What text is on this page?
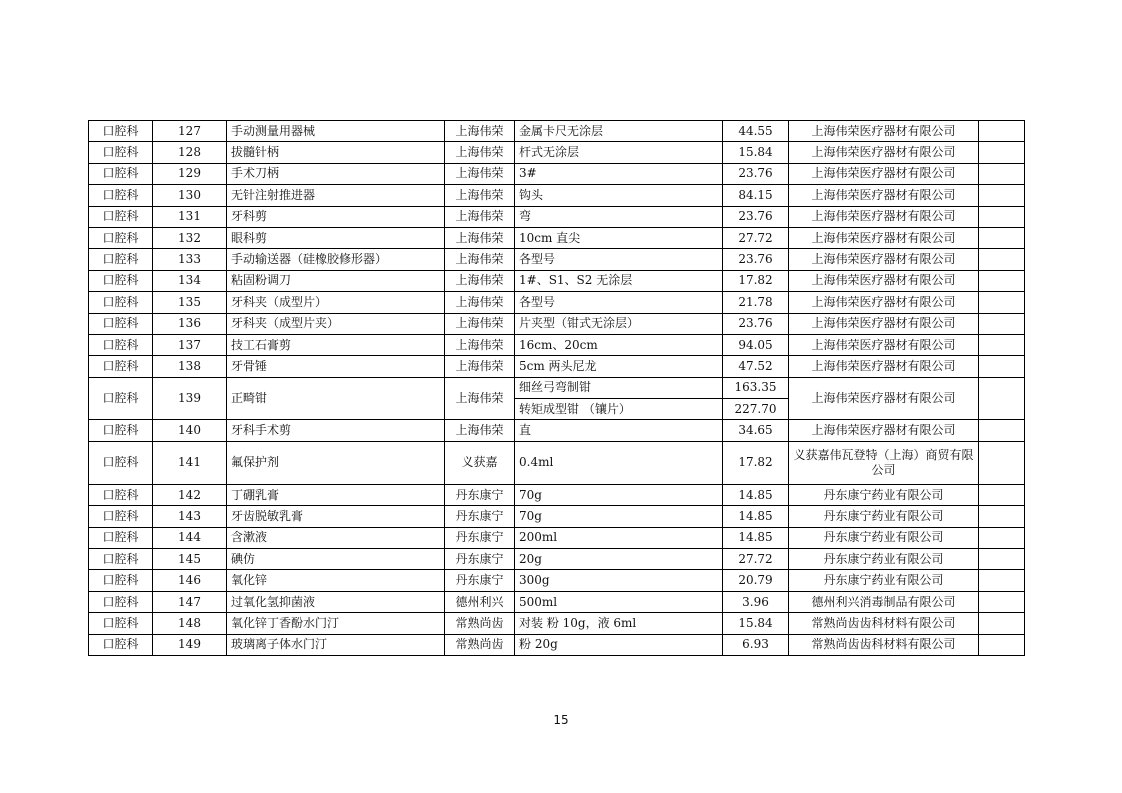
口腔科	127	手动测量用器械	上海伟荣	金属卡尺无涂层	44.55	上海伟荣医疗器材有限公司	
口腔科	128	拔髓针柄	上海伟荣	杆式无涂层	15.84	上海伟荣医疗器材有限公司	
口腔科	129	手术刀柄	上海伟荣	3#	23.76	上海伟荣医疗器材有限公司	
口腔科	130	无针注射推进器	上海伟荣	钩头	84.15	上海伟荣医疗器材有限公司	
口腔科	131	牙科剪	上海伟荣	弯	23.76	上海伟荣医疗器材有限公司	
口腔科	132	眼科剪	上海伟荣	10cm 直尖	27.72	上海伟荣医疗器材有限公司	
口腔科	133	手动输送器（硅橡胶修形器）	上海伟荣	各型号	23.76	上海伟荣医疗器材有限公司	
口腔科	134	粘固粉调刀	上海伟荣	1#、S1、S2 无涂层	17.82	上海伟荣医疗器材有限公司	
口腔科	135	牙科夹（成型片）	上海伟荣	各型号	21.78	上海伟荣医疗器材有限公司	
口腔科	136	牙科夹（成型片夹）	上海伟荣	片夹型（钳式无涂层）	23.76	上海伟荣医疗器材有限公司	
口腔科	137	技工石膏剪	上海伟荣	16cm、20cm	94.05	上海伟荣医疗器材有限公司	
口腔科	138	牙骨锤	上海伟荣	5cm 两头尼龙	47.52	上海伟荣医疗器材有限公司	
口腔科	139	正畸钳	上海伟荣	细丝弓弯制钳	163.35	上海伟荣医疗器材有限公司	
				转矩成型钳 （镶片）	227.70		
口腔科	140	牙科手术剪	上海伟荣	直	34.65	上海伟荣医疗器材有限公司	
口腔科	141	氟保护剂	义获嘉	0.4ml	17.82	义获嘉伟瓦登特（上海）商贸有限公司	
口腔科	142	丁硼乳膏	丹东康宁	70g	14.85	丹东康宁药业有限公司	
口腔科	143	牙齿脱敏乳膏	丹东康宁	70g	14.85	丹东康宁药业有限公司	
口腔科	144	含漱液	丹东康宁	200ml	14.85	丹东康宁药业有限公司	
口腔科	145	碘仿	丹东康宁	20g	27.72	丹东康宁药业有限公司	
口腔科	146	氧化锌	丹东康宁	300g	20.79	丹东康宁药业有限公司	
口腔科	147	过氧化氢抑菌液	德州利兴	500ml	3.96	德州利兴消毒制品有限公司	
口腔科	148	氧化锌丁香酚水门汀	常熟尚齿	对装 粉 10g，液 6ml	15.84	常熟尚齿齿科材料有限公司	
口腔科	149	玻璃离子体水门汀	常熟尚齿	粉 20g	6.93	常熟尚齿齿科材料有限公司	
15
